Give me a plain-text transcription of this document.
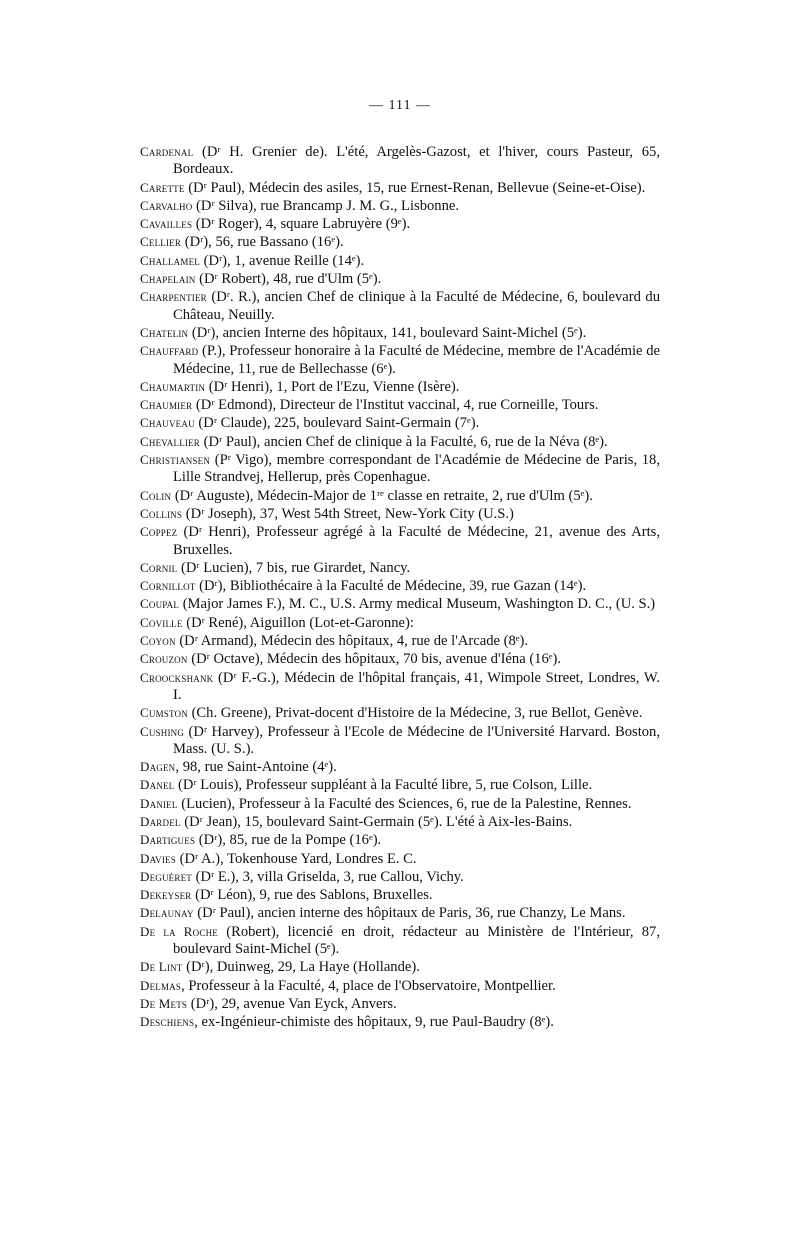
— 111 —

Cardenal (Dʳ H. Grenier de). L'été, Argelès-Gazost, et l'hiver, cours Pasteur, 65, Bordeaux.

Carette (Dʳ Paul), Médecin des asiles, 15, rue Ernest-Renan, Bellevue (Seine-et-Oise).

Carvalho (Dʳ Silva), rue Brancamp J. M. G., Lisbonne.

Cavailles (Dʳ Roger), 4, square Labruyère (9ᵉ).

Cellier (Dʳ), 56, rue Bassano (16ᵉ).

Challamel (Dʳ), 1, avenue Reille (14ᵉ).

Chapelain (Dʳ Robert), 48, rue d'Ulm (5ᵉ).

Charpentier (Dʳ. R.), ancien Chef de clinique à la Faculté de Médecine, 6, boulevard du Château, Neuilly.

Chatelin (Dʳ), ancien Interne des hôpitaux, 141, boulevard Saint-Michel (5ᵉ).

Chauffard (P.), Professeur honoraire à la Faculté de Médecine, membre de l'Académie de Médecine, 11, rue de Bellechasse (6ᵉ).

Chaumartin (Dʳ Henri), 1, Port de l'Ezu, Vienne (Isère).

Chaumier (Dʳ Edmond), Directeur de l'Institut vaccinal, 4, rue Corneille, Tours.

Chauveau (Dʳ Claude), 225, boulevard Saint-Germain (7ᵉ).

Chevallier (Dʳ Paul), ancien Chef de clinique à la Faculté, 6, rue de la Néva (8ᵉ).

Christiansen (Pʳ Vigo), membre correspondant de l'Académie de Médecine de Paris, 18, Lille Strandvej, Hellerup, près Copenhague.

Colin (Dʳ Auguste), Médecin-Major de 1ʳᵉ classe en retraite, 2, rue d'Ulm (5ᵉ).

Collins (Dʳ Joseph), 37, West 54th Street, New-York City (U.S.)

Coppez (Dʳ Henri), Professeur agrégé à la Faculté de Médecine, 21, avenue des Arts, Bruxelles.

Cornil (Dʳ Lucien), 7 bis, rue Girardet, Nancy.

Cornillot (Dʳ), Bibliothécaire à la Faculté de Médecine, 39, rue Gazan (14ᵉ).

Coupal (Major James F.), M. C., U.S. Army medical Museum, Washington D. C., (U. S.)

Coville (Dʳ René), Aiguillon (Lot-et-Garonne):

Coyon (Dʳ Armand), Médecin des hôpitaux, 4, rue de l'Arcade (8ᵉ).

Crouzon (Dʳ Octave), Médecin des hôpitaux, 70 bis, avenue d'Iéna (16ᵉ).

Croockshank (Dʳ F.-G.), Médecin de l'hôpital français, 41, Wimpole Street, Londres, W. I.

Cumston (Ch. Greene), Privat-docent d'Histoire de la Médecine, 3, rue Bellot, Genève.

Cushing (Dʳ Harvey), Professeur à l'Ecole de Médecine de l'Université Harvard. Boston, Mass. (U. S.).

Dagen, 98, rue Saint-Antoine (4ᵉ).

Danel (Dʳ Louis), Professeur suppléant à la Faculté libre, 5, rue Colson, Lille.

Daniel (Lucien), Professeur à la Faculté des Sciences, 6, rue de la Palestine, Rennes.

Dardel (Dʳ Jean), 15, boulevard Saint-Germain (5ᵉ). L'été à Aix-les-Bains.

Dartigues (Dʳ), 85, rue de la Pompe (16ᵉ).

Davies (Dʳ A.), Tokenhouse Yard, Londres E. C.

Deguéret (Dʳ E.), 3, villa Griselda, 3, rue Callou, Vichy.

Dekeyser (Dʳ Léon), 9, rue des Sablons, Bruxelles.

Delaunay (Dʳ Paul), ancien interne des hôpitaux de Paris, 36, rue Chanzy, Le Mans.

De la Roche (Robert), licencié en droit, rédacteur au Ministère de l'Intérieur, 87, boulevard Saint-Michel (5ᵉ).

De Lint (Dʳ), Duinweg, 29, La Haye (Hollande).

Delmas, Professeur à la Faculté, 4, place de l'Observatoire, Montpellier.

De Mets (Dʳ), 29, avenue Van Eyck, Anvers.

Deschiens, ex-Ingénieur-chimiste des hôpitaux, 9, rue Paul-Baudry (8ᵉ).
